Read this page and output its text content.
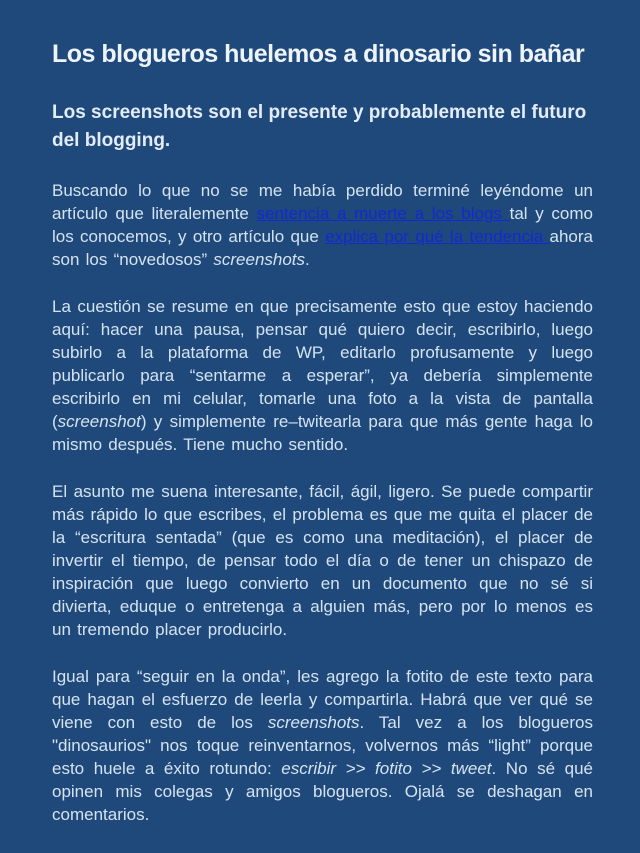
Los blogueros huelemos a dinosario sin bañar
Los screenshots son el presente y probablemente el futuro del blogging.

Buscando lo que no se me había perdido terminé leyéndome un artículo que literalemente sentencia a muerte a los blogs tal y como los conocemos, y otro artículo que explica por qué la tendencia ahora son los “novedosos” screenshots.

La cuestión se resume en que precisamente esto que estoy haciendo aquí: hacer una pausa, pensar qué quiero decir, escribirlo, luego subirlo a la plataforma de WP, editarlo profusamente y luego publicarlo para “sentarme a esperar”, ya debería simplemente escribirlo en mi celular, tomarle una foto a la vista de pantalla (screenshot) y simplemente re–twitearla para que más gente haga lo mismo después. Tiene mucho sentido.

El asunto me suena interesante, fácil, ágil, ligero. Se puede compartir más rápido lo que escribes, el problema es que me quita el placer de la “escritura sentada” (que es como una meditación), el placer de invertir el tiempo, de pensar todo el día o de tener un chispazo de inspiración que luego convierto en un documento que no sé si divierta, eduque o entretenga a alguien más, pero por lo menos es un tremendo placer producirlo.

Igual para “seguir en la onda”, les agrego la fotito de este texto para que hagan el esfuerzo de leerla y compartirla. Habrá que ver qué se viene con esto de los screenshots. Tal vez a los blogueros "dinosaurios" nos toque reinventarnos, volvernos más “light” porque esto huele a éxito rotundo: escribir >> fotito >> tweet. No sé qué opinen mis colegas y amigos blogueros. Ojalá se deshagan en comentarios.
